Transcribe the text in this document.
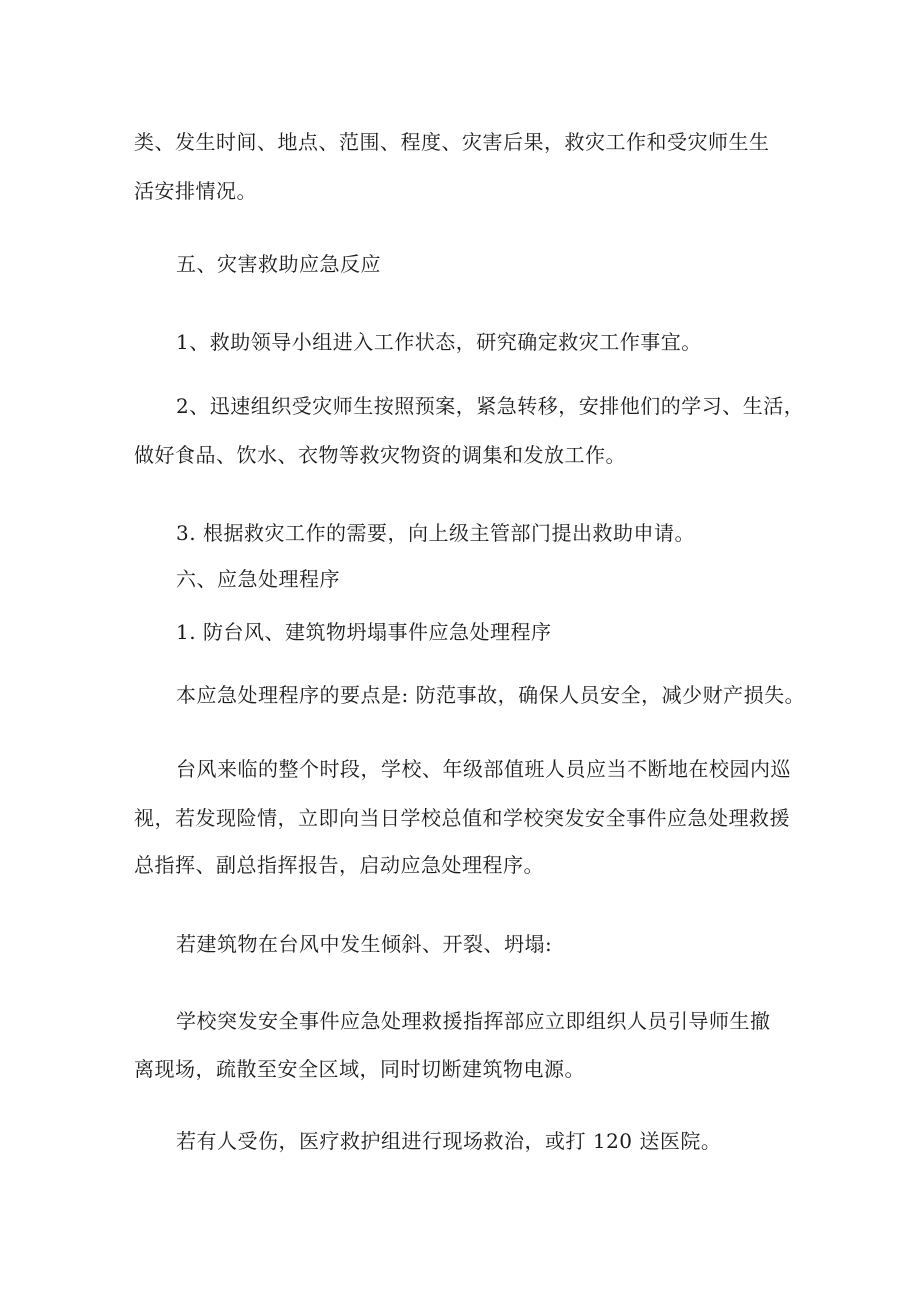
类、发生时间、地点、范围、程度、灾害后果，救灾工作和受灾师生生

活安排情况。

五、灾害救助应急反应

1、救助领导小组进入工作状态，研究确定救灾工作事宜。

2、迅速组织受灾师生按照预案，紧急转移，安排他们的学习、生活，

做好食品、饮水、衣物等救灾物资的调集和发放工作。

3. 根据救灾工作的需要，向上级主管部门提出救助申请。

六、应急处理程序

1. 防台风、建筑物坍塌事件应急处理程序

本应急处理程序的要点是: 防范事故，确保人员安全，减少财产损失。

台风来临的整个时段，学校、年级部值班人员应当不断地在校园内巡

视，若发现险情，立即向当日学校总值和学校突发安全事件应急处理救援

总指挥、副总指挥报告，启动应急处理程序。

若建筑物在台风中发生倾斜、开裂、坍塌:

学校突发安全事件应急处理救援指挥部应立即组织人员引导师生撤

离现场，疏散至安全区域，同时切断建筑物电源。

若有人受伤，医疗救护组进行现场救治，或打 120 送医院。
